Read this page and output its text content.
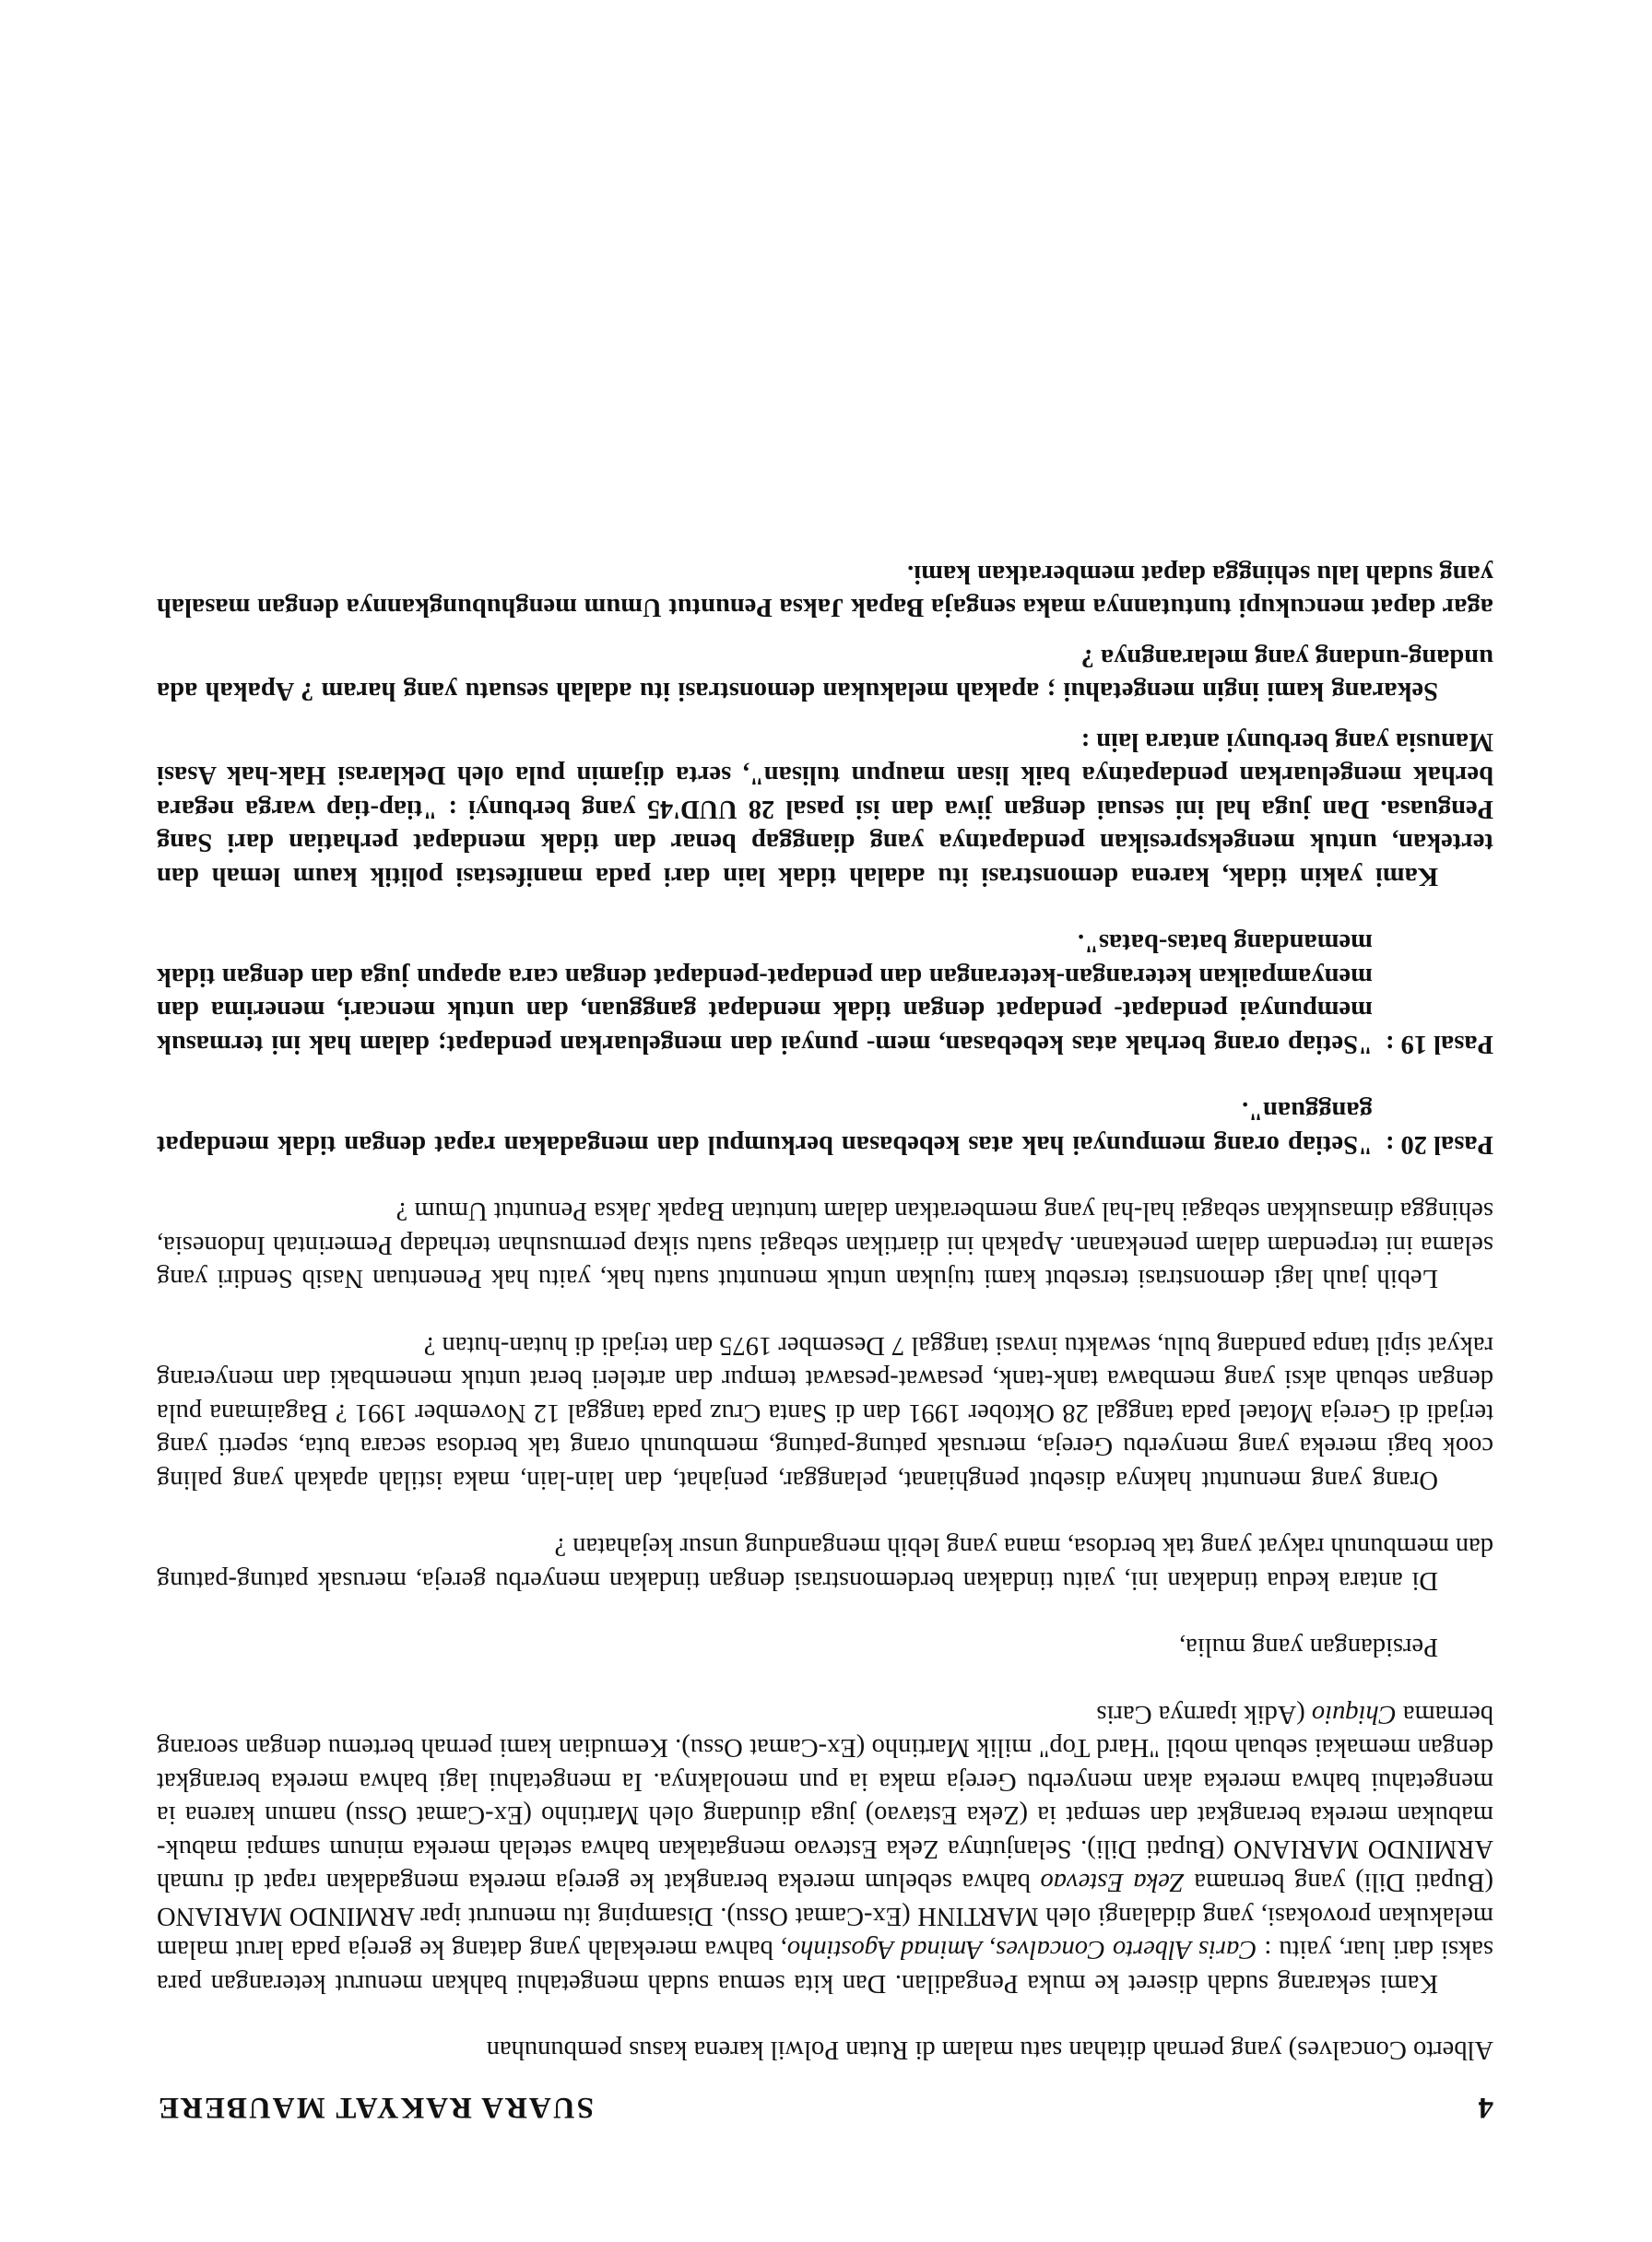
4
SUARA RAKYAT MAUBERE

Alberto Concalves) yang pernah ditahan satu malam di Rutan Polwil karena kasus pembunuhan

Kami sekarang sudah diseret ke muka Pengadilan. Dan kita semua sudah mengetahui bahkan menurut keterangan para saksi dari luar, yaitu : Caris Alberto Concalves, Aminad Agostinho, bahwa merekalah yang datang ke gereja pada larut malam melakukan provokasi, yang didalangi oleh MARTINH (Ex-Camat Ossu). Disamping itu menurut ipar ARMINDO MARIANO (Bupati Dili) yang bernama Zeka Estevao bahwa sebelum mereka berangkat ke gereja mereka mengadakan rapat di rumah ARMINDO MARIANO (Bupati Dili). Selanjutnya Zeka Estevao mengatakan bahwa setelah mereka minum sampai mabuk-mabukan mereka berangkat dan sempat ia (Zeka Estavao) juga diundang oleh Martinho (Ex-Camat Ossu) namun karena ia mengetahui bahwa mereka akan menyerbu Gereja maka ia pun menolaknya. Ia mengetahui lagi bahwa mereka berangkat dengan memakai sebuah mobil "Hard Top" milik Martinho (Ex-Camat Ossu). Kemudian kami pernah bertemu dengan seorang bernama Chiquio (Adik iparnya Caris

Persidangan yang mulia,

Di antara kedua tindakan ini, yaitu tindakan berdemonstrasi dengan tindakan menyerbu gereja, merusak patung-patung dan membunuh rakyat yang tak berdosa, mana yang lebih mengandung unsur kejahatan ?

Orang yang menuntut haknya disebut penghianat, pelanggar, penjahat, dan lain-lain, maka istilah apakah yang paling cook bagi mereka yang menyerbu Gereja, merusak patung-patung, membunuh orang tak berdosa secara buta, seperti yang terjadi di Gereja Motael pada tanggal 28 Oktober 1991 dan di Santa Cruz pada tanggal 12 November 1991 ? Bagaimana pula dengan sebuah aksi yang membawa tank-tank, pesawat-pesawat tempur dan arteleri berat untuk menembaki dan menyerang rakyat sipil tanpa pandang bulu, sewaktu invasi tanggal 7 Desember 1975 dan terjadi di hutan-hutan ?

Lebih jauh lagi demonstrasi tersebut kami tujukan untuk menuntut suatu hak, yaitu hak Penentuan Nasib Sendiri yang selama ini terpendam dalam penekanan. Apakah ini diartikan sebagai suatu sikap permusuhan terhadap Pemerintah Indonesia, sehingga dimasukkan sebagai hal-hal yang memberatkan dalam tuntutan Bapak Jaksa Penuntut Umum ?

Pasal 20 :
"Setiap orang mempunyai hak atas kebebasan berkumpul dan mengadakan rapat dengan tidak mendapat gangguan".
Pasal 19 :
"Setiap orang berhak atas kebebasan, mem- punyai dan mengeluarkan pendapat; dalam hak ini termasuk mempunyai pendapat- pendapat dengan tidak mendapat gangguan, dan untuk mencari, menerima dan menyampaikan keterangan-keterangan dan pendapat-pendapat dengan cara apapun juga dan dengan tidak memandang batas-batas".

Kami yakin tidak, karena demonstrasi itu adalah tidak lain dari pada manifestasi politik kaum lemah dan tertekan, untuk mengekspresikan pendapatnya yang dianggap benar dan tidak mendapat perhatian dari Sang Penguasa. Dan juga hal ini sesuai dengan jiwa dan isi pasal 28 UUD'45 yang berbunyi : "tiap-tiap warga negara berhak mengeluarkan pendapatnya baik lisan maupun tulisan", serta dijamin pula oleh Deklarasi Hak-hak Asasi Manusia yang berbunyi antara lain :

Sekarang kami ingin mengetahui ; apakah melakukan demonstrasi itu adalah sesuatu yang haram ? Apakah ada undang-undang yang melarangnya ?

agar dapat mencukupi tuntutannya maka sengaja Bapak Jaksa Penuntut Umum menghubungkannya dengan masalah yang sudah lalu sehingga dapat memberatkan kami.
